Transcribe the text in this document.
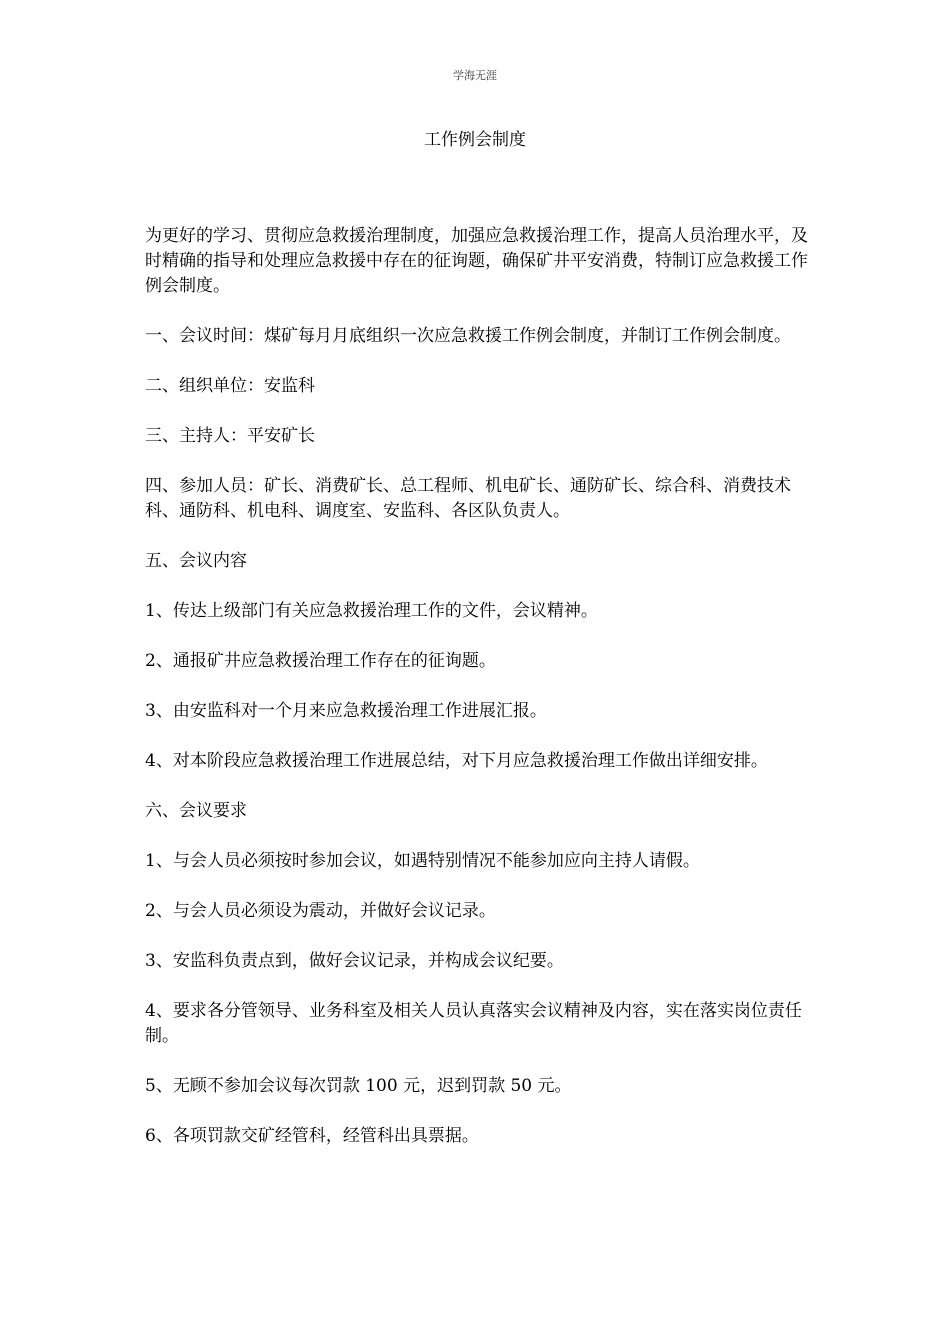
学海无涯
工作例会制度

为更好的学习、贯彻应急救援治理制度，加强应急救援治理工作，提高人员治理水平，及时精确的指导和处理应急救援中存在的征询题，确保矿井平安消费，特制订应急救援工作例会制度。

一、会议时间：煤矿每月月底组织一次应急救援工作例会制度，并制订工作例会制度。

二、组织单位：安监科

三、主持人：平安矿长

四、参加人员：矿长、消费矿长、总工程师、机电矿长、通防矿长、综合科、消费技术科、通防科、机电科、调度室、安监科、各区队负责人。

五、会议内容

1、传达上级部门有关应急救援治理工作的文件，会议精神。

2、通报矿井应急救援治理工作存在的征询题。

3、由安监科对一个月来应急救援治理工作进展汇报。

4、对本阶段应急救援治理工作进展总结，对下月应急救援治理工作做出详细安排。

六、会议要求

1、与会人员必须按时参加会议，如遇特别情况不能参加应向主持人请假。

2、与会人员必须设为震动，并做好会议记录。

3、安监科负责点到，做好会议记录，并构成会议纪要。

4、要求各分管领导、业务科室及相关人员认真落实会议精神及内容，实在落实岗位责任制。

5、无顾不参加会议每次罚款 100 元，迟到罚款 50 元。

6、各项罚款交矿经管科，经管科出具票据。
